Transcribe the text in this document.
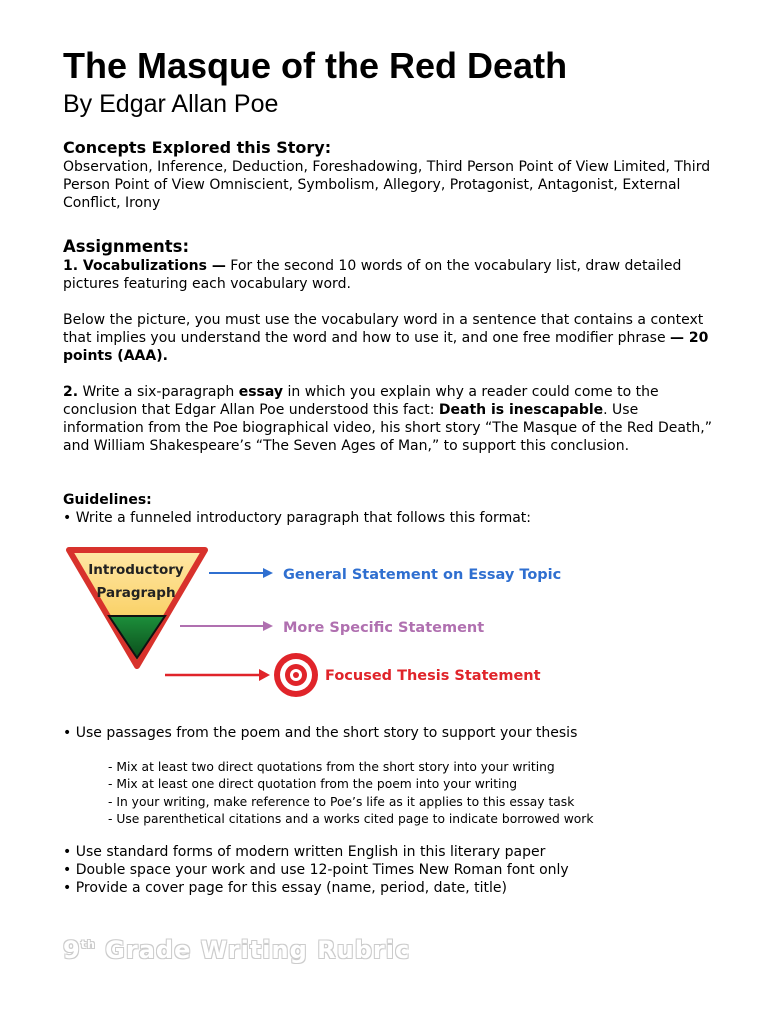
The Masque of the Red Death
By Edgar Allan Poe
Concepts Explored this Story:

Observation, Inference, Deduction, Foreshadowing, Third Person Point of View Limited, Third Person Point of View Omniscient, Symbolism, Allegory, Protagonist, Antagonist, External Conflict, Irony

Assignments:

1. Vocabulizations — For the second 10 words of on the vocabulary list, draw detailed pictures featuring each vocabulary word.

Below the picture, you must use the vocabulary word in a sentence that contains a context that implies you understand the word and how to use it, and one free modifier phrase — 20 points (AAA).

2. Write a six-paragraph essay in which you explain why a reader could come to the conclusion that Edgar Allan Poe understood this fact: Death is inescapable. Use information from the Poe biographical video, his short story “The Masque of the Red Death,” and William Shakespeare’s “The Seven Ages of Man,” to support this conclusion.

Guidelines:

• Write a funneled introductory paragraph that follows this format:

Introductory
Paragraph
General Statement on Essay Topic
More Specific Statement
Focused Thesis Statement

• Use passages from the poem and the short story to support your thesis

- Mix at least two direct quotations from the short story into your writing
- Mix at least one direct quotation from the poem into your writing
- In your writing, make reference to Poe’s life as it applies to this essay task
- Use parenthetical citations and a works cited page to indicate borrowed work
• Use standard forms of modern written English in this literary paper
• Double space your work and use 12-point Times New Roman font only
• Provide a cover page for this essay (name, period, date, title)
9th Grade Writing Rubric
